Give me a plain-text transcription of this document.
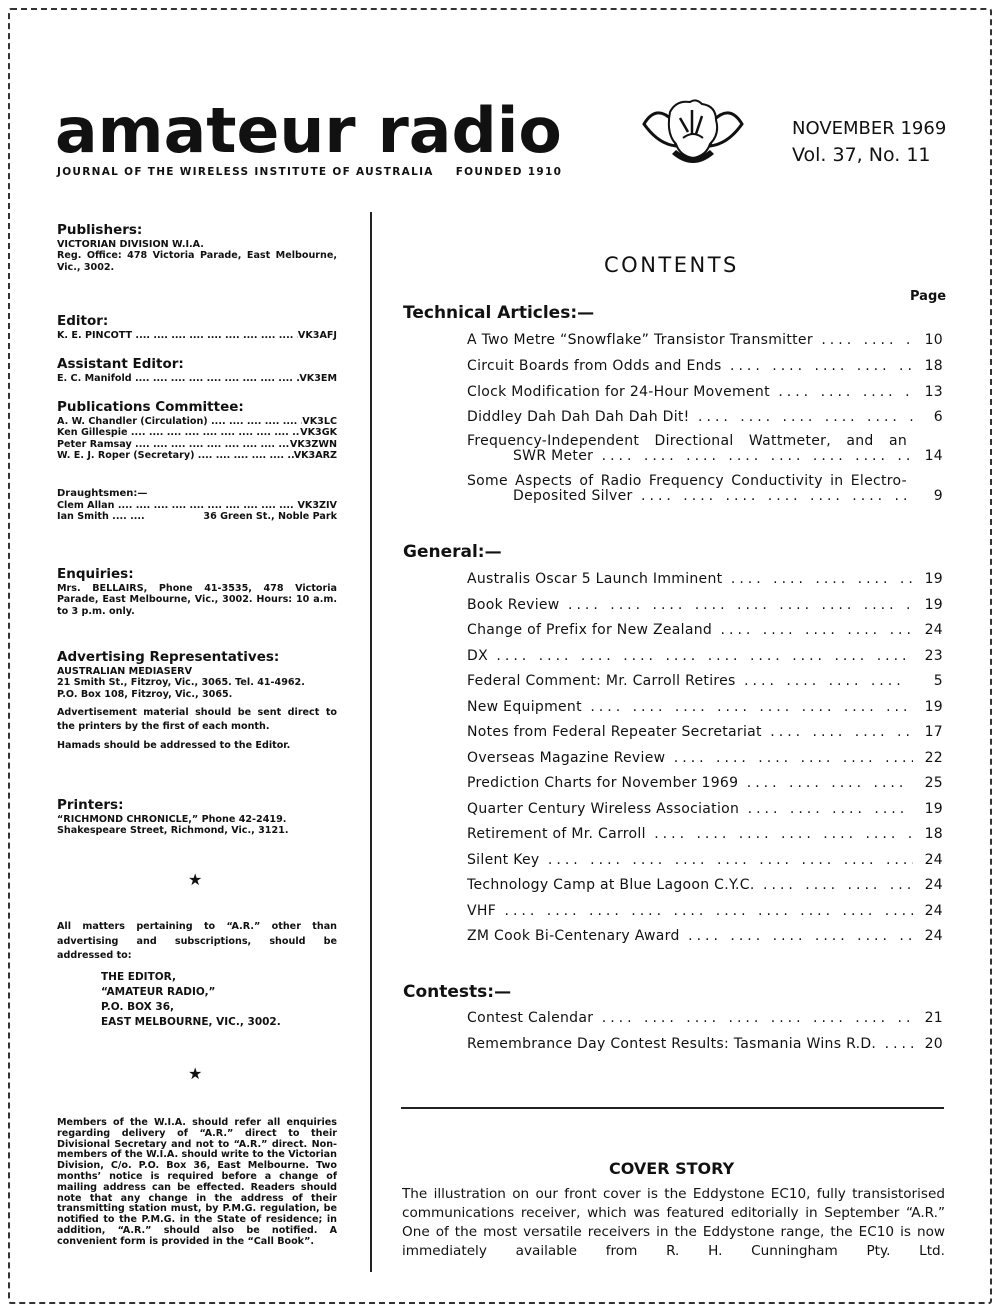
amateur radio
JOURNAL OF THE WIRELESS INSTITUTE OF AUSTRALIA FOUNDED 1910
NOVEMBER 1969
Vol. 37, No. 11
Publishers:
VICTORIAN DIVISION W.I.A.
Reg. Office: 478 Victoria Parade, East Melbourne, Vic., 3002.
Editor:
K. E. PINCOTT ....	VK3AFJ
Assistant Editor:
E. C. Manifold ....	VK3EM
Publications Committee:
A. W. Chandler (Circulation) ....	VK3LC
Ken Gillespie ....	VK3GK
Peter Ramsay ....	VK3ZWN
W. E. J. Roper (Secretary) ....	VK3ARZ
Draughtsmen:—
Clem Allan ....	VK3ZIV
Ian Smith ....	36 Green St., Noble Park
Enquiries:
Mrs. BELLAIRS, Phone 41-3535, 478 Victoria Parade, East Melbourne, Vic., 3002. Hours: 10 a.m. to 3 p.m. only.
Advertising Representatives:
AUSTRALIAN MEDIASERV
21 Smith St., Fitzroy, Vic., 3065. Tel. 41-4962.
P.O. Box 108, Fitzroy, Vic., 3065.
Advertisement material should be sent direct to the printers by the first of each month.
Hamads should be addressed to the Editor.
Printers:
“RICHMOND CHRONICLE,” Phone 42-2419.
Shakespeare Street, Richmond, Vic., 3121.
All matters pertaining to “A.R.” other than advertising and subscriptions, should be addressed to:
★
THE EDITOR,
“AMATEUR RADIO,”
P.O. BOX 36,
EAST MELBOURNE, VIC., 3002.
★
Members of the W.I.A. should refer all enquiries regarding delivery of “A.R.” direct to their Divisional Secretary and not to “A.R.” direct. Non-members of the W.I.A. should write to the Victorian Division, C/o. P.O. Box 36, East Melbourne. Two months’ notice is required before a change of mailing address can be effected. Readers should note that any change in the address of their transmitting station must, by P.M.G. regulation, be notified to the P.M.G. in the State of residence; in addition, “A.R.” should also be notified. A convenient form is provided in the “Call Book”.
CONTENTS
Page
Technical Articles:—
A Two Metre “Snowflake” Transistor Transmitter ....	10
Circuit Boards from Odds and Ends ....	18
Clock Modification for 24-Hour Movement ....	13
Diddley Dah Dah Dah Dah Dit! ....	6
Frequency-Independent Directional Wattmeter, and an
SWR Meter ....	14
Some Aspects of Radio Frequency Conductivity in Electro-
Deposited Silver ....	9
General:—
Australis Oscar 5 Launch Imminent ....	19
Book Review ....	19
Change of Prefix for New Zealand ....	24
DX ....	23
Federal Comment: Mr. Carroll Retires ....	5
New Equipment ....	19
Notes from Federal Repeater Secretariat ....	17
Overseas Magazine Review ....	22
Prediction Charts for November 1969 ....	25
Quarter Century Wireless Association ....	19
Retirement of Mr. Carroll ....	18
Silent Key ....	24
Technology Camp at Blue Lagoon C.Y.C. ....	24
VHF ....	24
ZM Cook Bi-Centenary Award ....	24
Contests:—
Contest Calendar ....	21
Remembrance Day Contest Results: Tasmania Wins R.D. ....	20
COVER STORY
The illustration on our front cover is the Eddystone EC10, fully transistorised communications receiver, which was featured editorially in September “A.R.” One of the most versatile receivers in the Eddystone range, the EC10 is now immediately available from R. H. Cunningham Pty. Ltd.
